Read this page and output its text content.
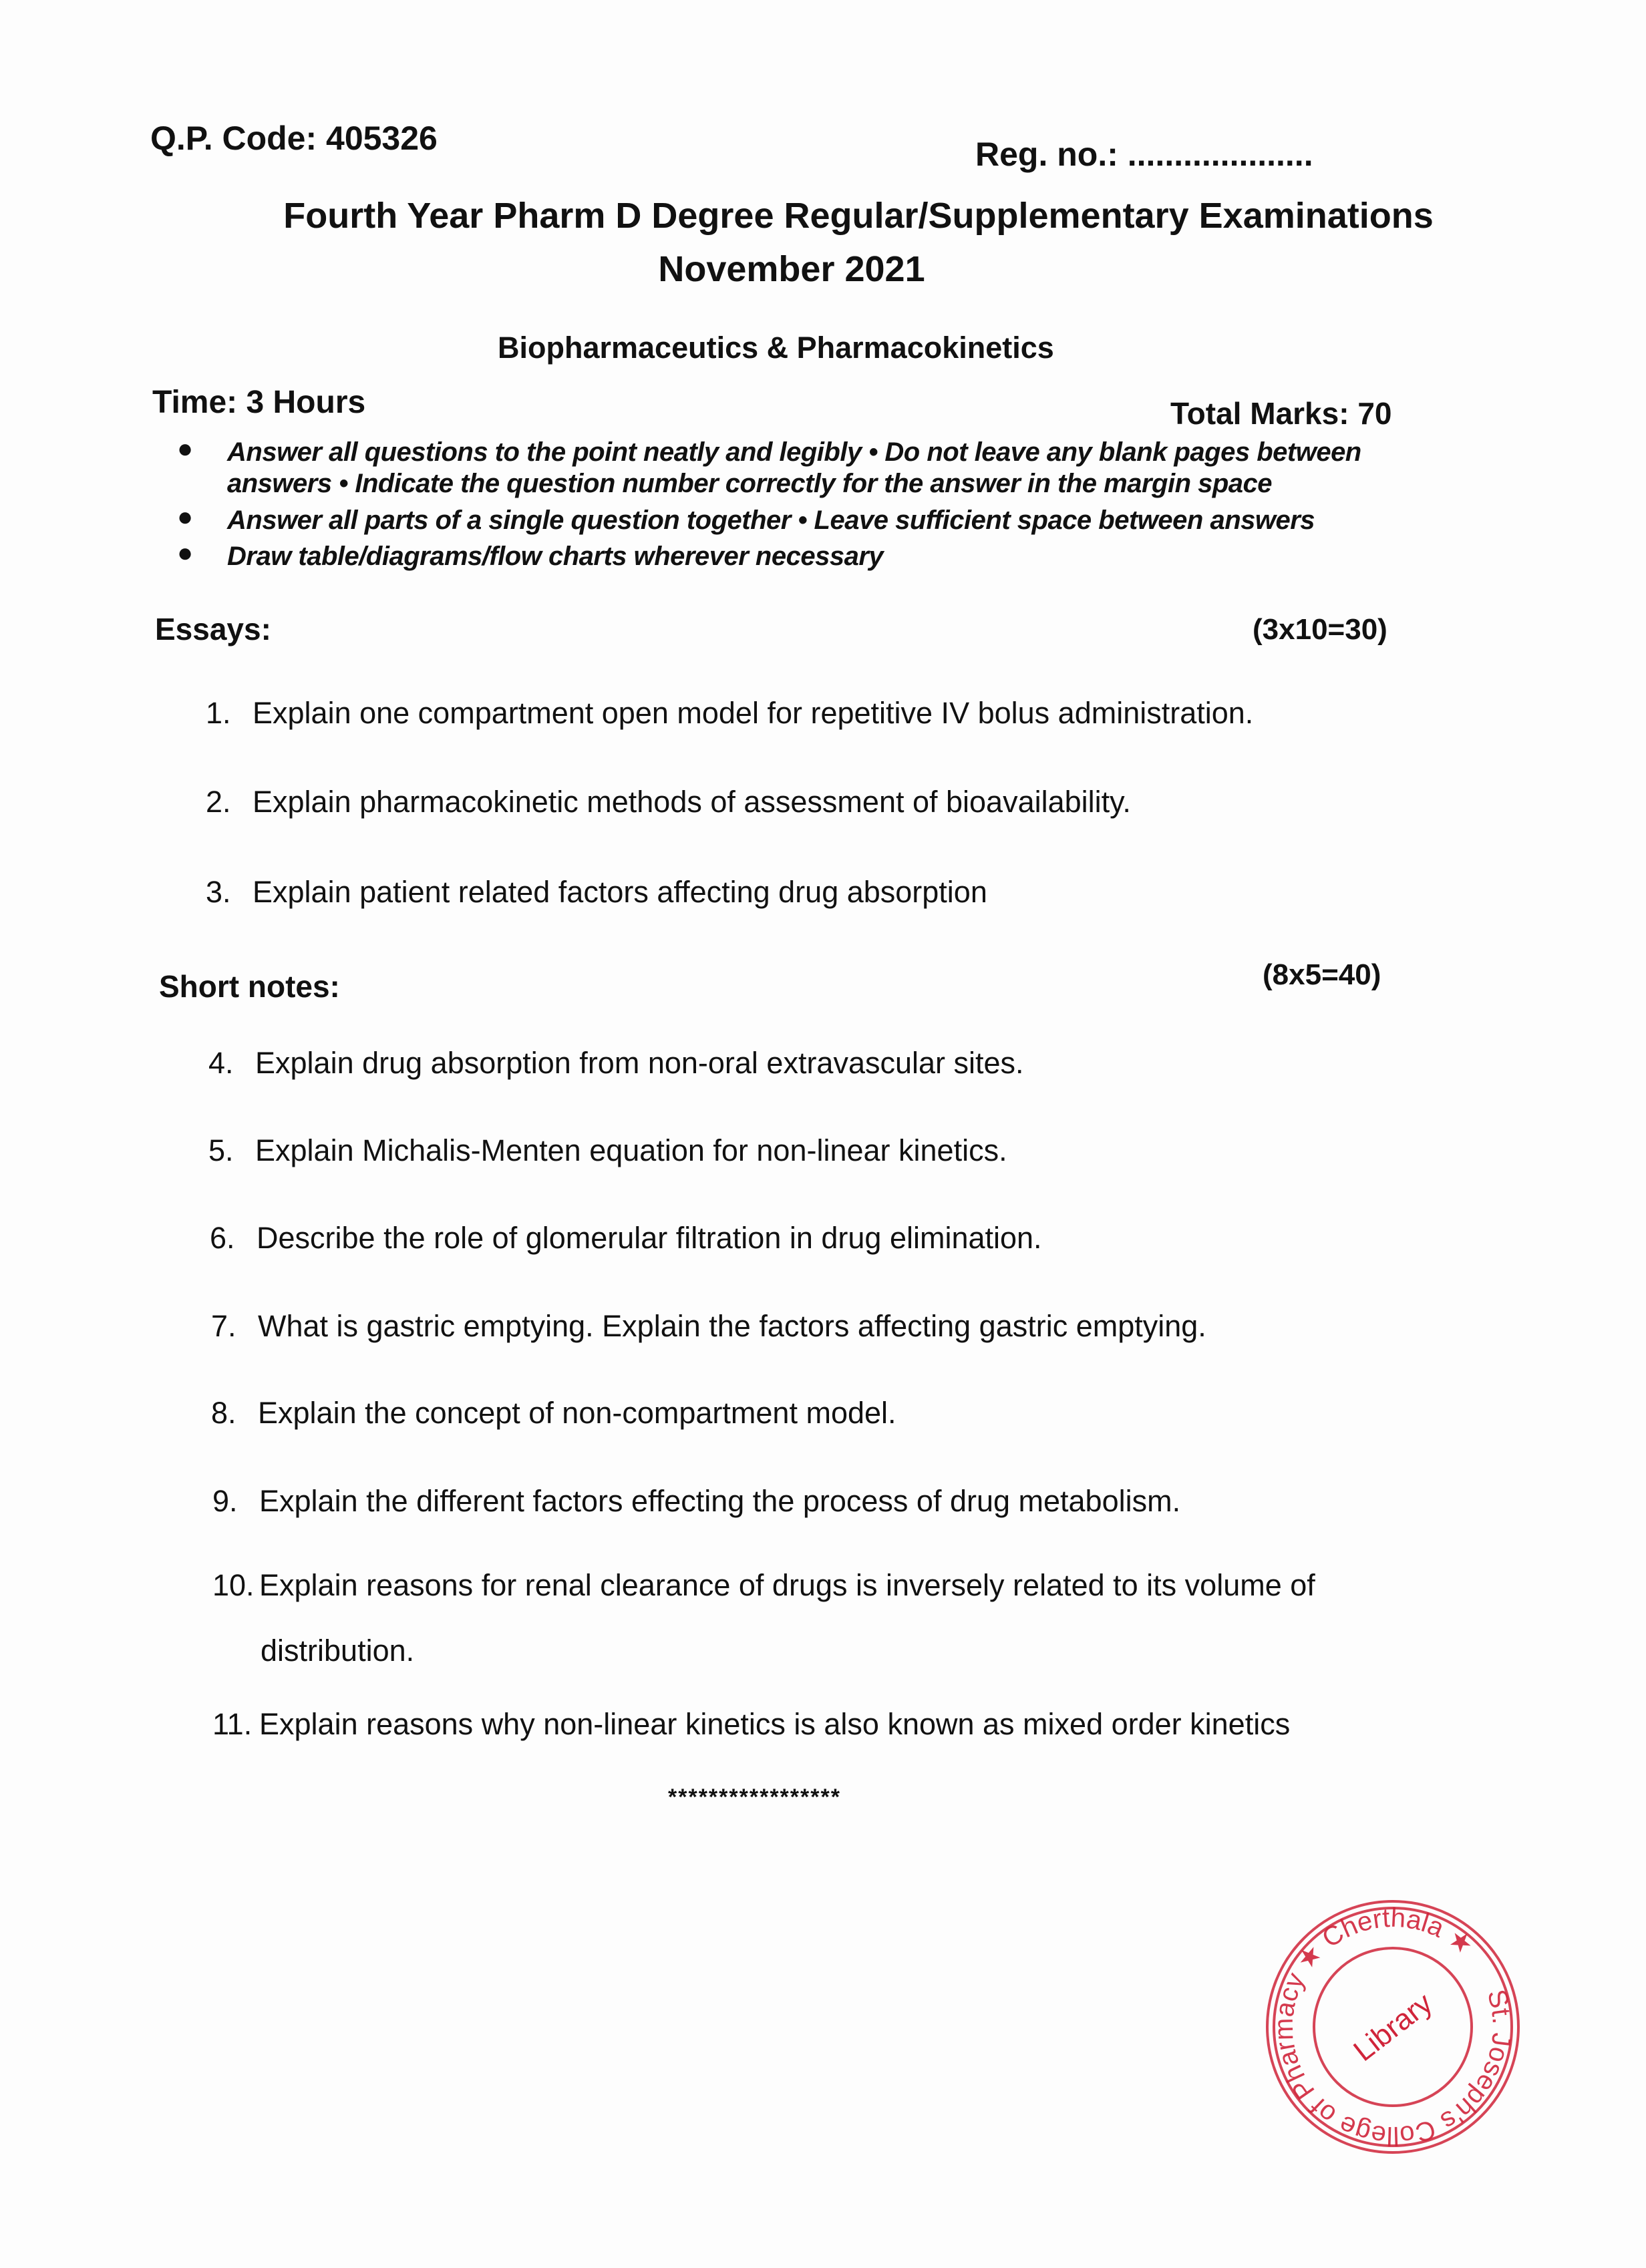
Q.P. Code: 405326	Reg. no.: ....................
Fourth Year Pharm D Degree Regular/Supplementary Examinations
November 2021
Biopharmaceutics & Pharmacokinetics
Time: 3 Hours	Total Marks: 70
● Answer all questions to the point neatly and legibly • Do not leave any blank pages between
answers • Indicate the question number correctly for the answer in the margin space
● Answer all parts of a single question together • Leave sufficient space between answers
● Draw table/diagrams/flow charts wherever necessary
Essays:	(3x10=30)
1. Explain one compartment open model for repetitive IV bolus administration.
2. Explain pharmacokinetic methods of assessment of bioavailability.
3. Explain patient related factors affecting drug absorption
Short notes:	(8x5=40)
4. Explain drug absorption from non-oral extravascular sites.
5. Explain Michalis-Menten equation for non-linear kinetics.
6. Describe the role of glomerular filtration in drug elimination.
7. What is gastric emptying. Explain the factors affecting gastric emptying.
8. Explain the concept of non-compartment model.
9. Explain the different factors effecting the process of drug metabolism.
10. Explain reasons for renal clearance of drugs is inversely related to its volume of
distribution.
11. Explain reasons why non-linear kinetics is also known as mixed order kinetics
*****************
St. Joseph's College of Pharmacy ★ Cherthala ★
Library
